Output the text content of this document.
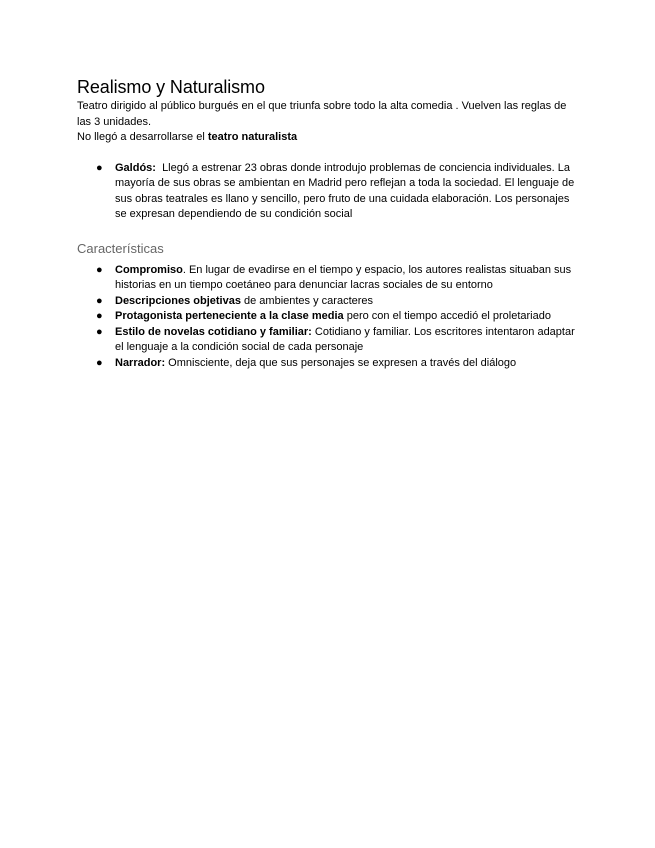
Realismo y Naturalismo

Teatro dirigido al público burgués en el que triunfa sobre todo la alta comedia . Vuelven las reglas de las 3 unidades.

No llegó a desarrollarse el teatro naturalista

● Galdós:  Llegó a estrenar 23 obras donde introdujo problemas de conciencia individuales. La mayoría de sus obras se ambientan en Madrid pero reflejan a toda la sociedad. El lenguaje de sus obras teatrales es llano y sencillo, pero fruto de una cuidada elaboración. Los personajes se expresan dependiendo de su condición social
Características
● Compromiso. En lugar de evadirse en el tiempo y espacio, los autores realistas situaban sus historias en un tiempo coetáneo para denunciar lacras sociales de su entorno
● Descripciones objetivas de ambientes y caracteres
● Protagonista perteneciente a la clase media pero con el tiempo accedió el proletariado
● Estilo de novelas cotidiano y familiar: Cotidiano y familiar. Los escritores intentaron adaptar el lenguaje a la condición social de cada personaje
● Narrador: Omnisciente, deja que sus personajes se expresen a través del diálogo
